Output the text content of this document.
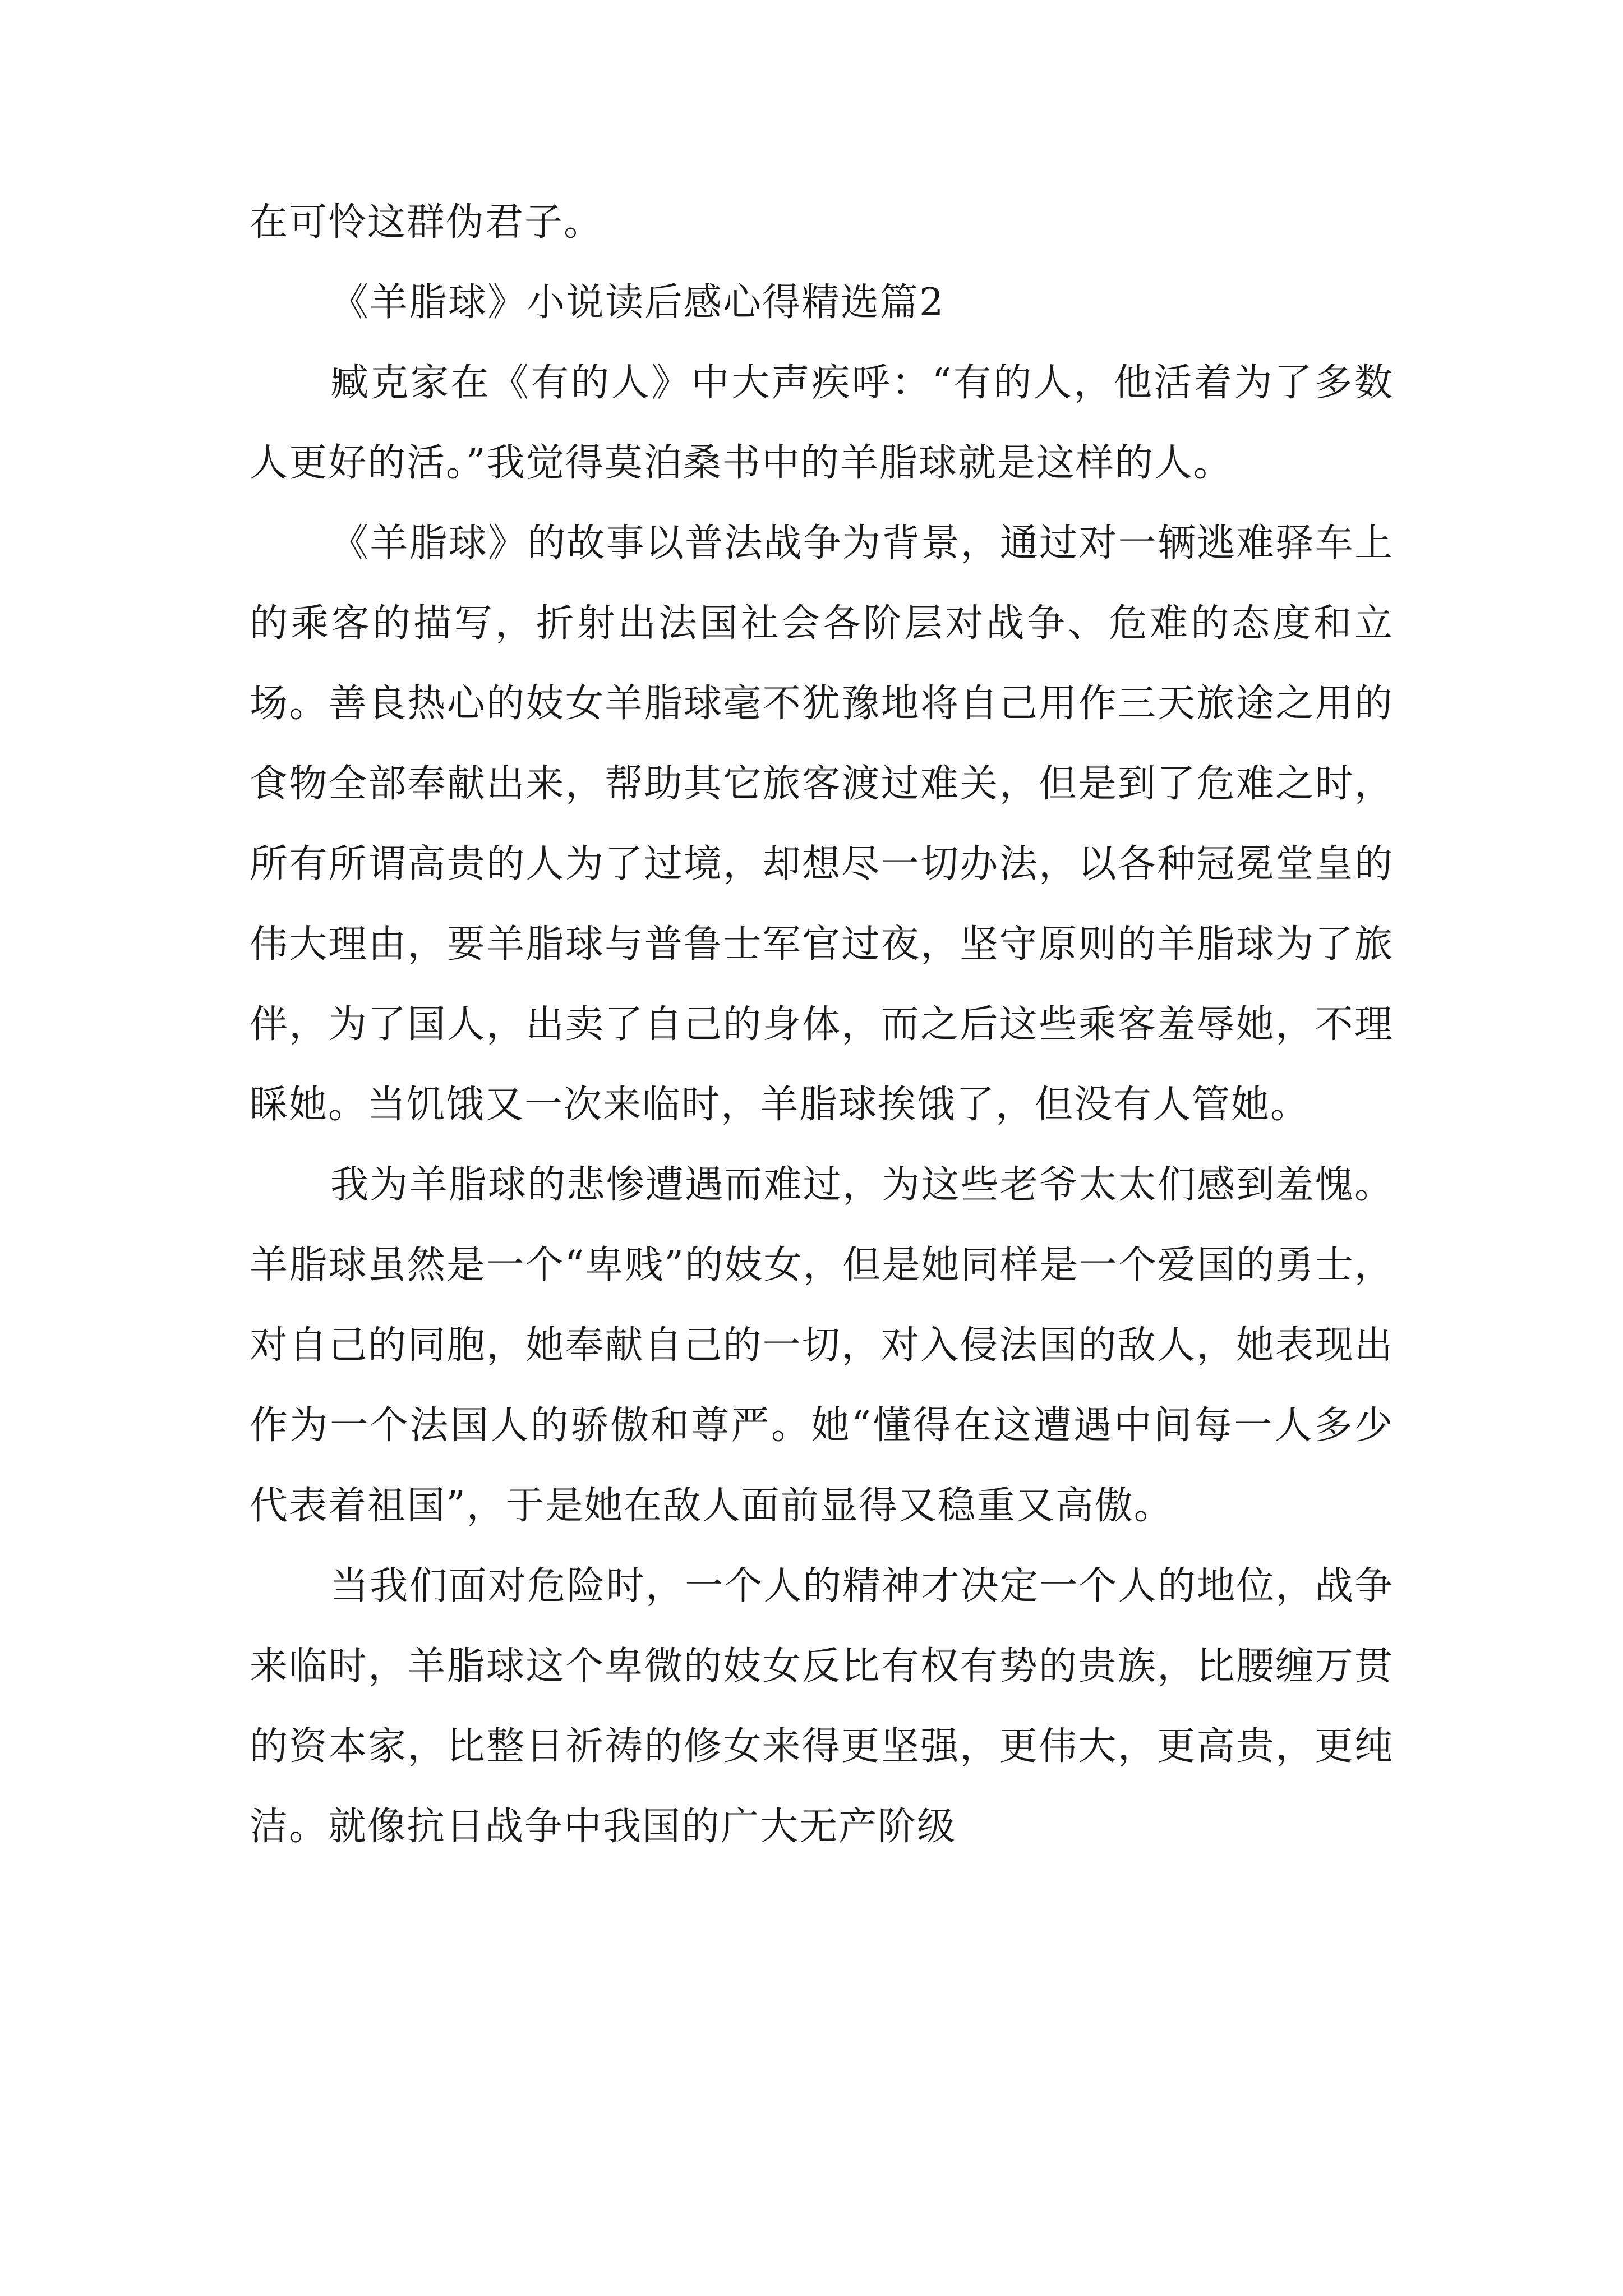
在可怜这群伪君子。

《羊脂球》小说读后感心得精选篇2

臧克家在《有的人》中大声疾呼：“有的人，他活着为了多数人更好的活。”我觉得莫泊桑书中的羊脂球就是这样的人。

《羊脂球》的故事以普法战争为背景，通过对一辆逃难驿车上的乘客的描写，折射出法国社会各阶层对战争、危难的态度和立场。善良热心的妓女羊脂球毫不犹豫地将自己用作三天旅途之用的食物全部奉献出来，帮助其它旅客渡过难关，但是到了危难之时，所有所谓高贵的人为了过境，却想尽一切办法，以各种冠冕堂皇的伟大理由，要羊脂球与普鲁士军官过夜，坚守原则的羊脂球为了旅伴，为了国人，出卖了自己的身体，而之后这些乘客羞辱她，不理睬她。当饥饿又一次来临时，羊脂球挨饿了，但没有人管她。

我为羊脂球的悲惨遭遇而难过，为这些老爷太太们感到羞愧。羊脂球虽然是一个“卑贱”的妓女，但是她同样是一个爱国的勇士，对自己的同胞，她奉献自己的一切，对入侵法国的敌人，她表现出作为一个法国人的骄傲和尊严。她“懂得在这遭遇中间每一人多少代表着祖国”，于是她在敌人面前显得又稳重又高傲。

当我们面对危险时，一个人的精神才决定一个人的地位，战争来临时，羊脂球这个卑微的妓女反比有权有势的贵族，比腰缠万贯的资本家，比整日祈祷的修女来得更坚强，更伟大，更高贵，更纯洁。就像抗日战争中我国的广大无产阶级
